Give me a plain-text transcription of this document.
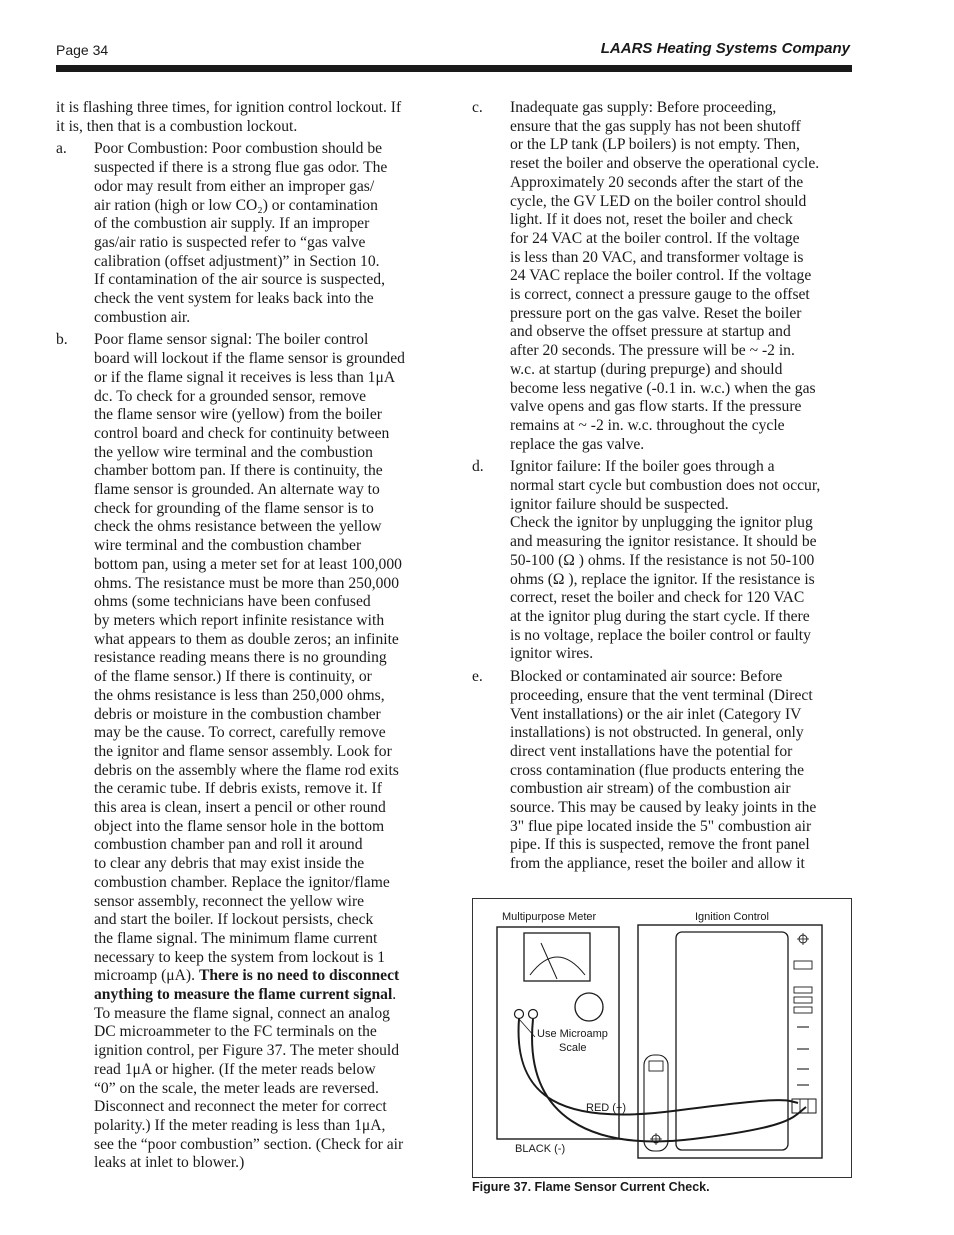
Page 34	LAARS Heating Systems Company

it is flashing three times, for ignition control lockout. If
it is, then that is a combustion lockout.

a. Poor Combustion: Poor combustion should be
suspected if there is a strong flue gas odor. The
odor may result from either an improper gas/
air ration (high or low CO₂) or contamination
of the combustion air supply. If an improper
gas/air ratio is suspected refer to “gas valve
calibration (offset adjustment)” in Section 10.
If contamination of the air source is suspected,
check the vent system for leaks back into the
combustion air.
b. Poor flame sensor signal: The boiler control
board will lockout if the flame sensor is grounded
or if the flame signal it receives is less than 1μA
dc. To check for a grounded sensor, remove
the flame sensor wire (yellow) from the boiler
control board and check for continuity between
the yellow wire terminal and the combustion
chamber bottom pan. If there is continuity, the
flame sensor is grounded. An alternate way to
check for grounding of the flame sensor is to
check the ohms resistance between the yellow
wire terminal and the combustion chamber
bottom pan, using a meter set for at least 100,000
ohms. The resistance must be more than 250,000
ohms (some technicians have been confused
by meters which report infinite resistance with
what appears to them as double zeros; an infinite
resistance reading means there is no grounding
of the flame sensor.) If there is continuity, or
the ohms resistance is less than 250,000 ohms,
debris or moisture in the combustion chamber
may be the cause. To correct, carefully remove
the ignitor and flame sensor assembly. Look for
debris on the assembly where the flame rod exits
the ceramic tube. If debris exists, remove it. If
this area is clean, insert a pencil or other round
object into the flame sensor hole in the bottom
combustion chamber pan and roll it around
to clear any debris that may exist inside the
combustion chamber. Replace the ignitor/flame
sensor assembly, reconnect the yellow wire
and start the boiler. If lockout persists, check
the flame signal. The minimum flame current
necessary to keep the system from lockout is 1
microamp (μA). There is no need to disconnect
anything to measure the flame current signal.
To measure the flame signal, connect an analog
DC microammeter to the FC terminals on the
ignition control, per Figure 37. The meter should
read 1μA or higher. (If the meter reads below
“0” on the scale, the meter leads are reversed.
Disconnect and reconnect the meter for correct
polarity.) If the meter reading is less than 1μA,
see the “poor combustion” section. (Check for air
leaks at inlet to blower.)
c. Inadequate gas supply: Before proceeding,
ensure that the gas supply has not been shutoff
or the LP tank (LP boilers) is not empty. Then,
reset the boiler and observe the operational cycle.
Approximately 20 seconds after the start of the
cycle, the GV LED on the boiler control should
light. If it does not, reset the boiler and check
for 24 VAC at the boiler control. If the voltage
is less than 20 VAC, and transformer voltage is
24 VAC replace the boiler control. If the voltage
is correct, connect a pressure gauge to the offset
pressure port on the gas valve. Reset the boiler
and observe the offset pressure at startup and
after 20 seconds. The pressure will be ~ -2 in.
w.c. at startup (during prepurge) and should
become less negative (-0.1 in. w.c.) when the gas
valve opens and gas flow starts. If the pressure
remains at ~ -2 in. w.c. throughout the cycle
replace the gas valve.
d. Ignitor failure: If the boiler goes through a
normal start cycle but combustion does not occur,
ignitor failure should be suspected.
Check the ignitor by unplugging the ignitor plug
and measuring the ignitor resistance. It should be
50-100 (Ω ) ohms. If the resistance is not 50-100
ohms (Ω ), replace the ignitor. If the resistance is
correct, reset the boiler and check for 120 VAC
at the ignitor plug during the start cycle. If there
is no voltage, replace the boiler control or faulty
ignitor wires.
e. Blocked or contaminated air source: Before
proceeding, ensure that the vent terminal (Direct
Vent installations) or the air inlet (Category IV
installations) is not obstructed. In general, only
direct vent installations have the potential for
cross contamination (flue products entering the
combustion air stream) of the combustion air
source. This may be caused by leaky joints in the
3" flue pipe located inside the 5" combustion air
pipe. If this is suspected, remove the front panel
from the appliance, reset the boiler and allow it
Multipurpose Meter
Use Microamp
Scale
Ignition Control
RED (+)
BLACK (-)
Figure 37. Flame Sensor Current Check.
